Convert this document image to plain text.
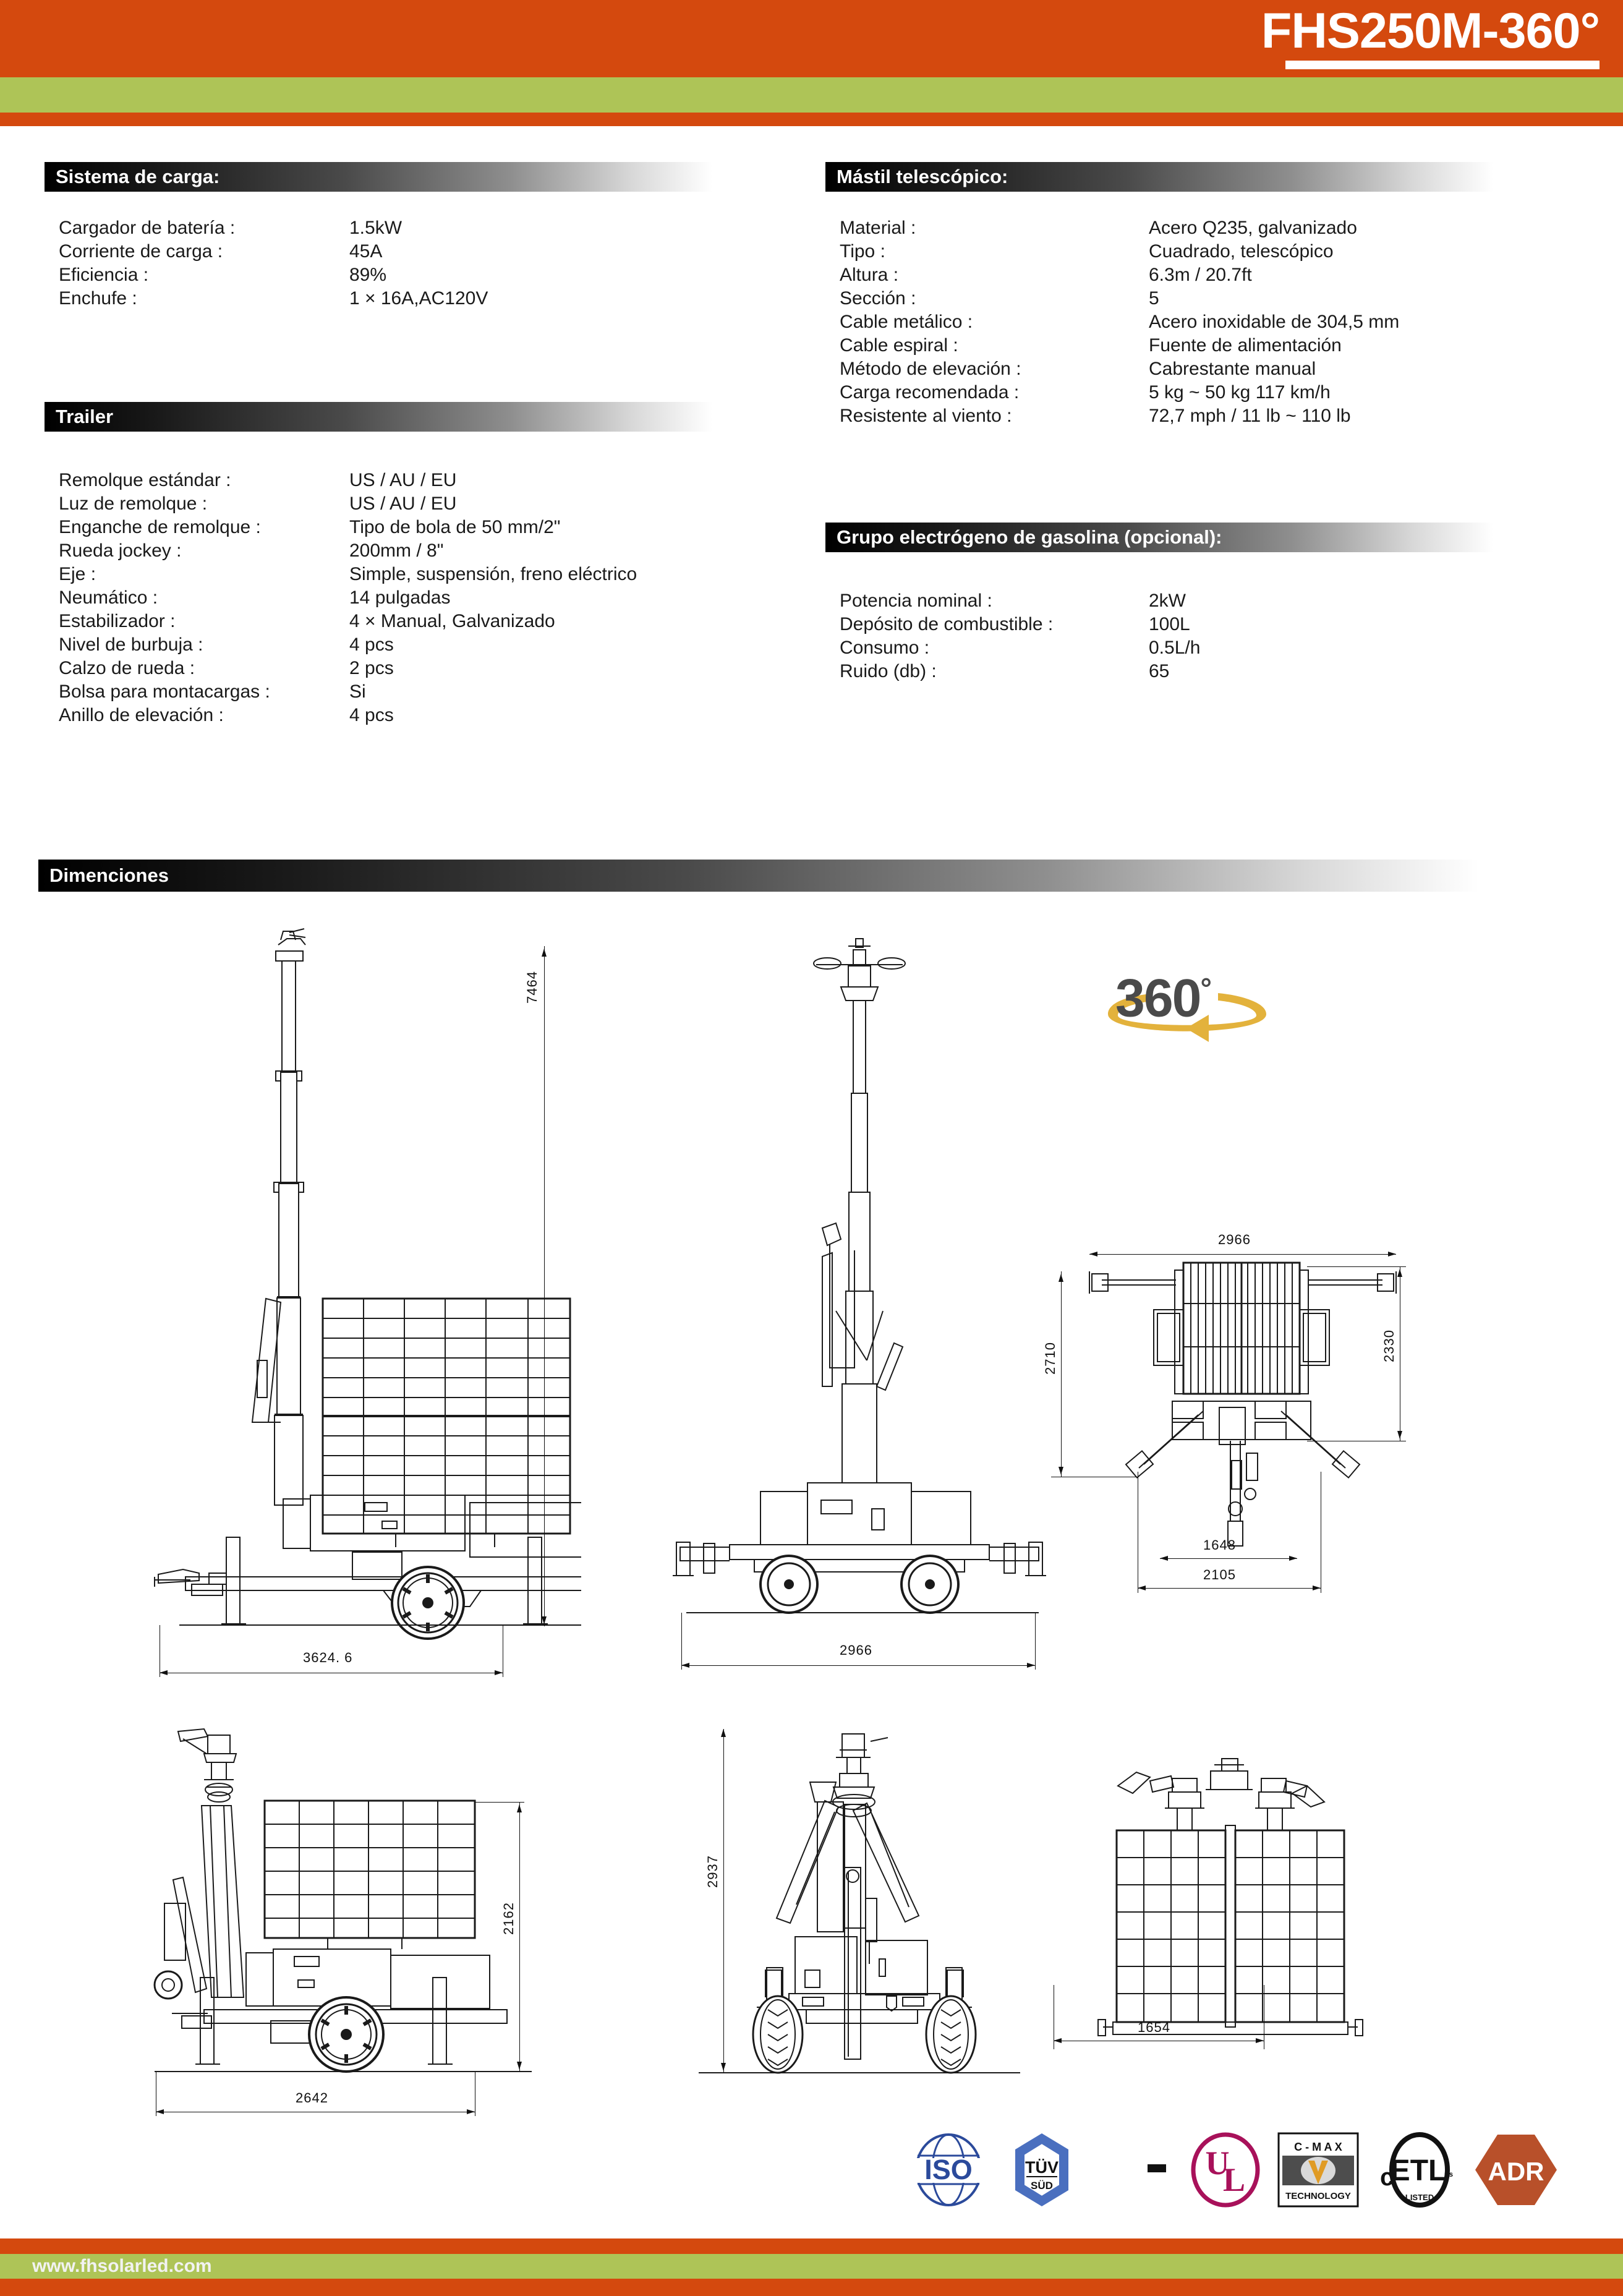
FHS250M-360°
Sistema de carga:
Cargador de batería :	1.5kW
Corriente de carga :	45A
Eficiencia :	89%
Enchufe :	1 × 16A,AC120V
Trailer
Remolque estándar :	US / AU / EU
Luz de remolque :	US / AU / EU
Enganche de remolque :	Tipo de bola de 50 mm/2"
Rueda jockey :	200mm / 8"
Eje :	Simple, suspensión, freno eléctrico
Neumático :	14 pulgadas
Estabilizador :	4 × Manual, Galvanizado
Nivel de burbuja :	4 pcs
Calzo de rueda :	2 pcs
Bolsa para montacargas :	Si
Anillo de elevación :	4 pcs
Mástil telescópico:
Material :	Acero Q235, galvanizado
Tipo :	Cuadrado, telescópico
Altura :	6.3m / 20.7ft
Sección :	5
Cable metálico :	Acero inoxidable de 304,5 mm
Cable espiral :	Fuente de alimentación
Método de elevación :	Cabrestante manual
Carga recomendada :	5 kg ~ 50 kg 117 km/h
Resistente al viento :	72,7 mph / 11 lb ~ 110 lb
Grupo electrógeno de gasolina (opcional):
Potencia nominal :	2kW
Depósito de combustible :	100L
Consumo :	0.5L/h
Ruido (db) :	65
Dimenciones
360°
7464
3624. 6	2966
2966
2710	2330
1648
2105
2162
2642
2937
1654
ISO	TÜV
SÜD
U
L
C - M A X
TECHNOLOGY
c
ETL
LISTED
us ADR
www.fhsolarled.com
